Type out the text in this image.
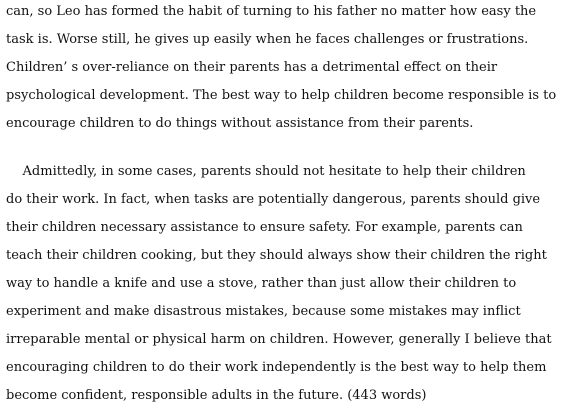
can, so Leo has formed the habit of turning to his father no matter how easy the
task is. Worse still, he gives up easily when he faces challenges or frustrations.
Children’ s over-reliance on their parents has a detrimental effect on their
psychological development. The best way to help children become responsible is to
encourage children to do things without assistance from their parents.
Admittedly, in some cases, parents should not hesitate to help their children
do their work. In fact, when tasks are potentially dangerous, parents should give
their children necessary assistance to ensure safety. For example, parents can
teach their children cooking, but they should always show their children the right
way to handle a knife and use a stove, rather than just allow their children to
experiment and make disastrous mistakes, because some mistakes may inflict
irreparable mental or physical harm on children. However, generally I believe that
encouraging children to do their work independently is the best way to help them
become confident, responsible adults in the future. (443 words)
